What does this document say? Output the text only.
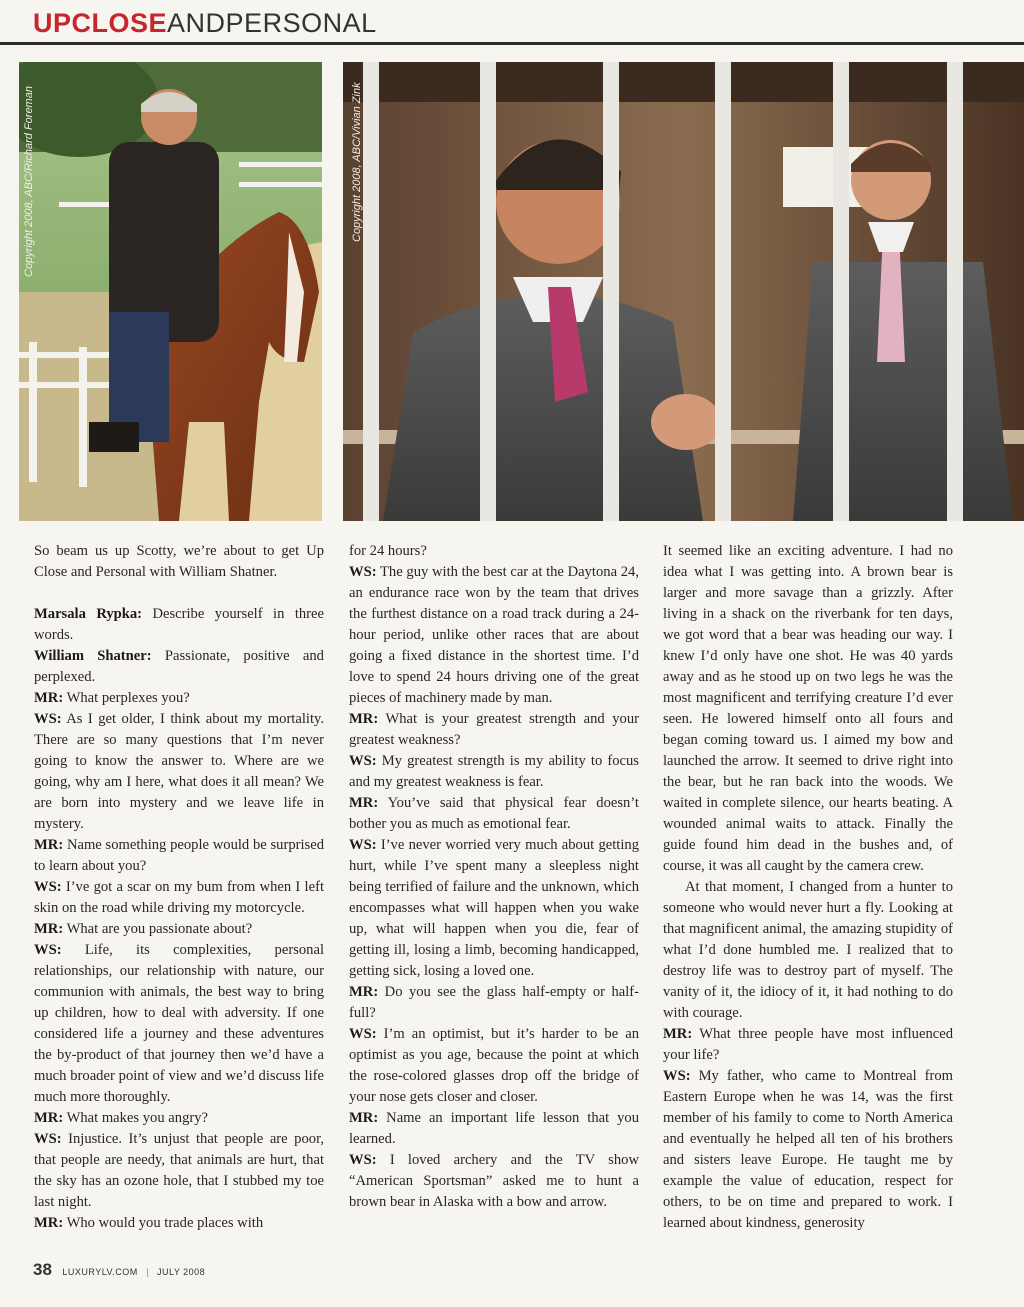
UPCLOSEANDPERSONAL
Copyright 2008, ABC/Richard Foreman	Copyright 2008, ABC/Vivian Zink

So beam us up Scotty, we’re about to get Up Close and Personal with William Shatner.

Marsala Rypka: Describe yourself in three words.

William Shatner: Passionate, positive and perplexed.

MR: What perplexes you?

WS: As I get older, I think about my mortality. There are so many questions that I’m never going to know the answer to. Where are we going, why am I here, what does it all mean? We are born into mystery and we leave life in mystery.

MR: Name something people would be surprised to learn about you?

WS: I’ve got a scar on my bum from when I left skin on the road while driving my motorcycle.

MR: What are you passionate about?

WS: Life, its complexities, personal relationships, our relationship with nature, our communion with animals, the best way to bring up children, how to deal with adversity. If one considered life a journey and these adventures the by-product of that journey then we’d have a much broader point of view and we’d discuss life much more thoroughly.

MR: What makes you angry?

WS: Injustice. It’s unjust that people are poor, that people are needy, that animals are hurt, that the sky has an ozone hole, that I stubbed my toe last night.

MR: Who would you trade places with

for 24 hours?

WS: The guy with the best car at the Daytona 24, an endurance race won by the team that drives the furthest distance on a road track during a 24-hour period, unlike other races that are about going a fixed distance in the shortest time. I’d love to spend 24 hours driving one of the great pieces of machinery made by man.

MR: What is your greatest strength and your greatest weakness?

WS: My greatest strength is my ability to focus and my greatest weakness is fear.

MR: You’ve said that physical fear doesn’t bother you as much as emotional fear.

WS: I’ve never worried very much about getting hurt, while I’ve spent many a sleepless night being terrified of failure and the unknown, which encompasses what will happen when you wake up, what will happen when you die, fear of getting ill, losing a limb, becoming handicapped, getting sick, losing a loved one.

MR: Do you see the glass half-empty or half-full?

WS: I’m an optimist, but it’s harder to be an optimist as you age, because the point at which the rose-colored glasses drop off the bridge of your nose gets closer and closer.

MR: Name an important life lesson that you learned.

WS: I loved archery and the TV show “American Sportsman” asked me to hunt a brown bear in Alaska with a bow and arrow.

It seemed like an exciting adventure. I had no idea what I was getting into. A brown bear is larger and more savage than a grizzly. After living in a shack on the riverbank for ten days, we got word that a bear was heading our way. I knew I’d only have one shot. He was 40 yards away and as he stood up on two legs he was the most magnificent and terrifying creature I’d ever seen. He lowered himself onto all fours and began coming toward us. I aimed my bow and launched the arrow. It seemed to drive right into the bear, but he ran back into the woods. We waited in complete silence, our hearts beating. A wounded animal waits to attack. Finally the guide found him dead in the bushes and, of course, it was all caught by the camera crew.

At that moment, I changed from a hunter to someone who would never hurt a fly. Looking at that magnificent animal, the amazing stupidity of what I’d done humbled me. I realized that to destroy life was to destroy part of myself. The vanity of it, the idiocy of it, it had nothing to do with courage.

MR: What three people have most influenced your life?

WS: My father, who came to Montreal from Eastern Europe when he was 14, was the first member of his family to come to North America and eventually he helped all ten of his brothers and sisters leave Europe. He taught me by example the value of education, respect for others, to be on time and prepared to work. I learned about kindness, generosity

38 LUXURYLV.COM | JULY 2008
